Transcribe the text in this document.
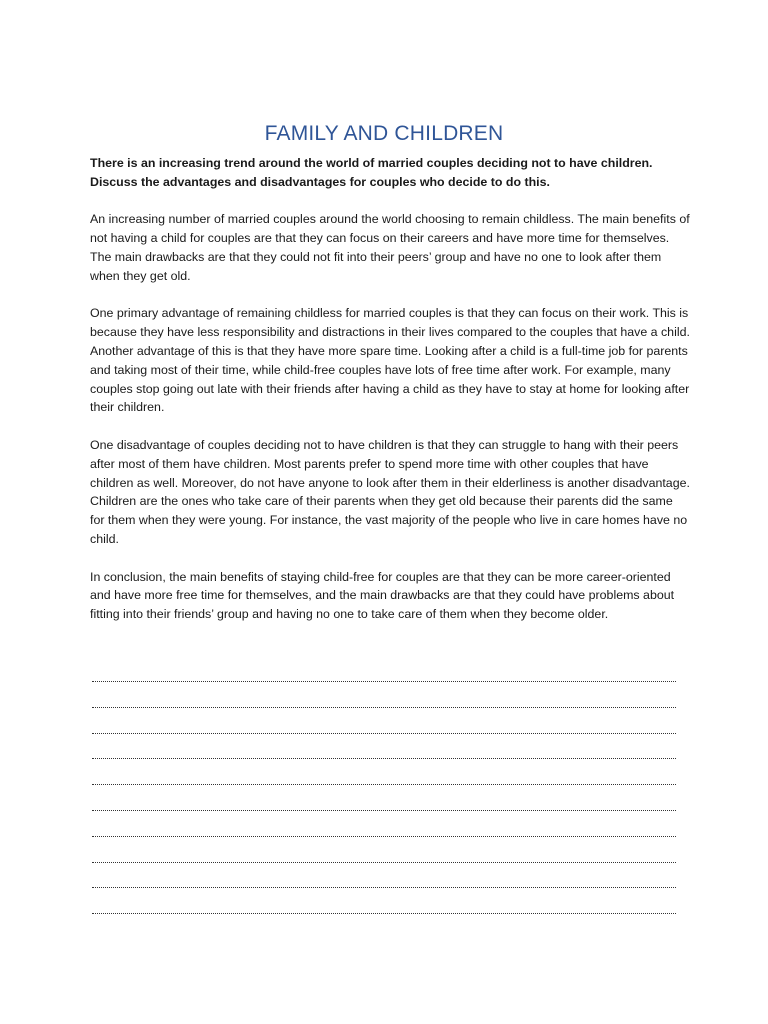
FAMILY AND CHILDREN

There is an increasing trend around the world of married couples deciding not to have children. Discuss the advantages and disadvantages for couples who decide to do this.

An increasing number of married couples around the world choosing to remain childless. The main benefits of not having a child for couples are that they can focus on their careers and have more time for themselves. The main drawbacks are that they could not fit into their peers’ group and have no one to look after them when they get old.

One primary advantage of remaining childless for married couples is that they can focus on their work. This is because they have less responsibility and distractions in their lives compared to the couples that have a child. Another advantage of this is that they have more spare time. Looking after a child is a full-time job for parents and taking most of their time, while child-free couples have lots of free time after work. For example, many couples stop going out late with their friends after having a child as they have to stay at home for looking after their children.

One disadvantage of couples deciding not to have children is that they can struggle to hang with their peers after most of them have children. Most parents prefer to spend more time with other couples that have children as well. Moreover, do not have anyone to look after them in their elderliness is another disadvantage. Children are the ones who take care of their parents when they get old because their parents did the same for them when they were young. For instance, the vast majority of the people who live in care homes have no child.

In conclusion, the main benefits of staying child-free for couples are that they can be more career-oriented and have more free time for themselves, and the main drawbacks are that they could have problems about fitting into their friends’ group and having no one to take care of them when they become older.
